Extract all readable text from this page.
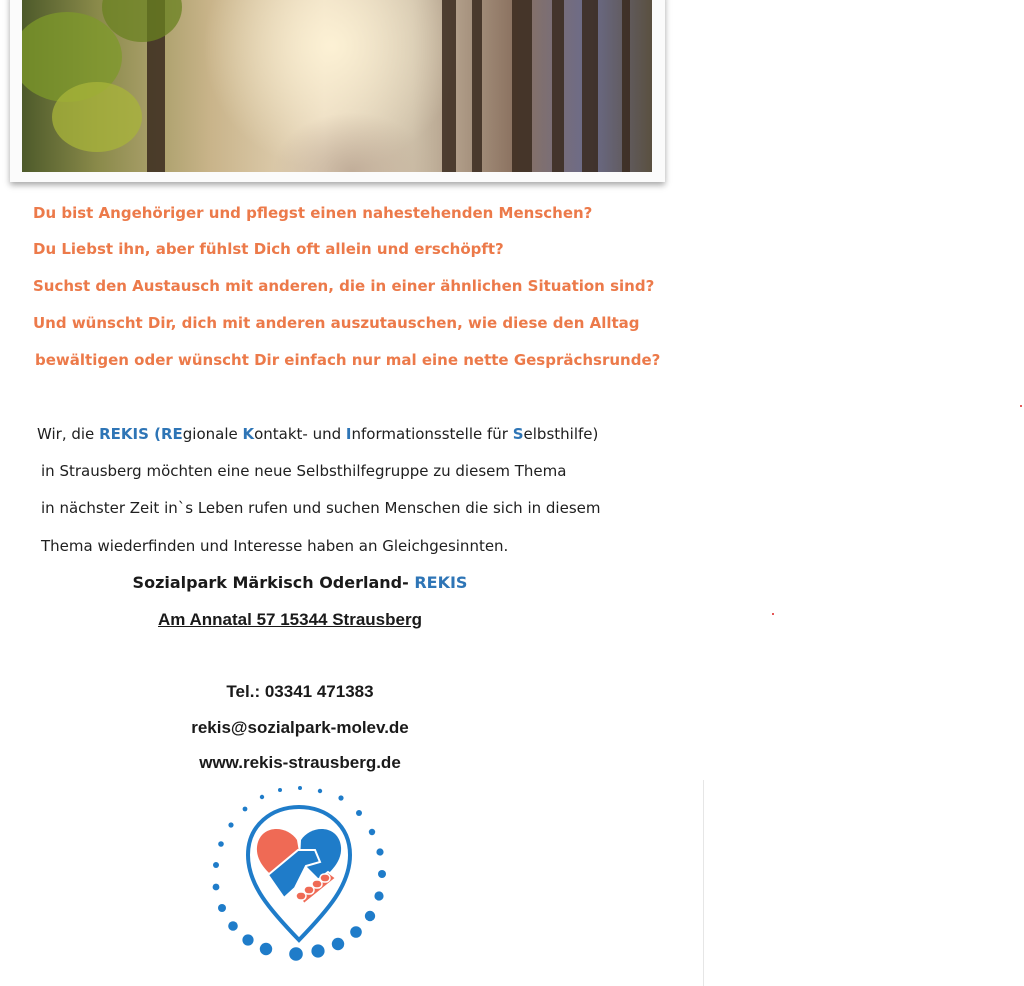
Du bist Angehöriger und pflegst einen nahestehenden Menschen?
Du Liebst ihn, aber fühlst Dich oft allein und erschöpft?
Suchst den Austausch mit anderen, die in einer ähnlichen Situation sind?
Und wünscht Dir, dich mit anderen auszutauschen, wie diese den Alltag
bewältigen oder wünscht Dir einfach nur mal eine nette Gesprächsrunde?
Wir, die REKIS (REgionale Kontakt- und Informationsstelle für Selbsthilfe)
in Strausberg möchten eine neue Selbsthilfegruppe zu diesem Thema
in nächster Zeit in`s Leben rufen und suchen Menschen die sich in diesem
Thema wiederfinden und Interesse haben an Gleichgesinnten.
Sozialpark Märkisch Oderland- REKIS
Am Annatal 57 15344 Strausberg
Tel.: 03341 471383
rekis@sozialpark-molev.de
www.rekis-strausberg.de
